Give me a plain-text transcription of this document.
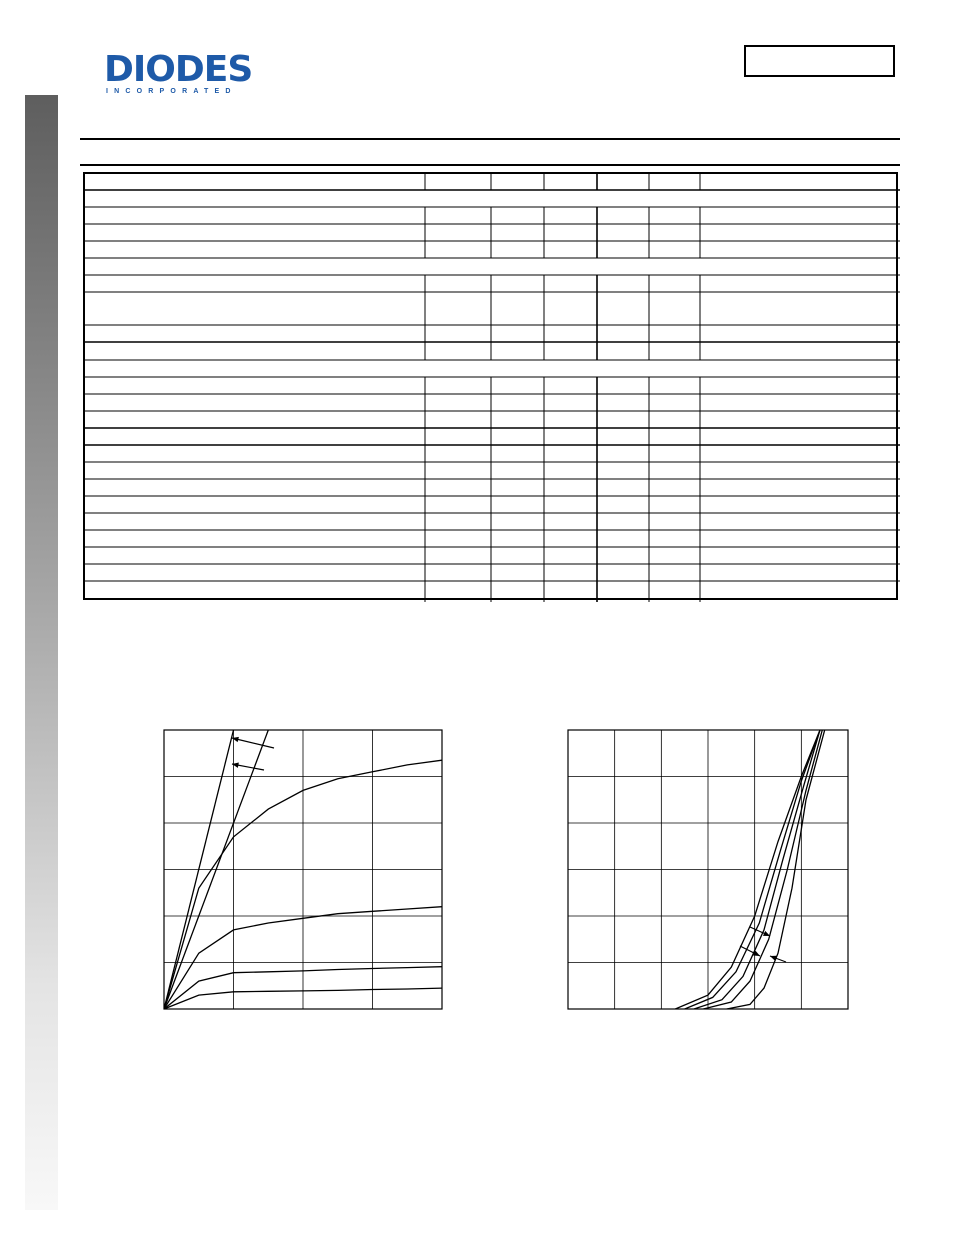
DIODES
INCORPORATED
